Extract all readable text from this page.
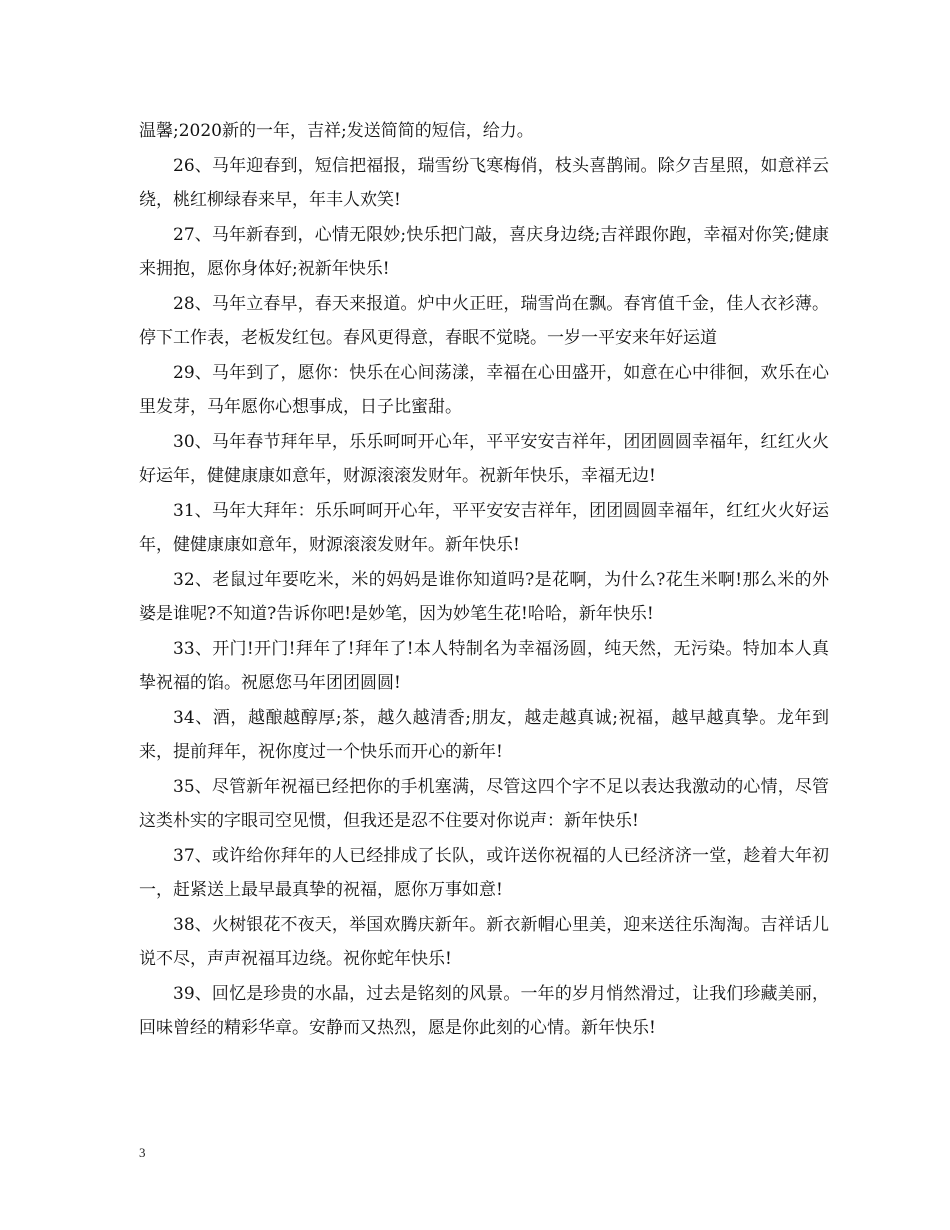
温馨;2020新的一年，吉祥;发送简简的短信，给力。

26、马年迎春到，短信把福报，瑞雪纷飞寒梅俏，枝头喜鹊闹。除夕吉星照，如意祥云绕，桃红柳绿春来早，年丰人欢笑!

27、马年新春到，心情无限妙;快乐把门敲，喜庆身边绕;吉祥跟你跑，幸福对你笑;健康来拥抱，愿你身体好;祝新年快乐!

28、马年立春早，春天来报道。炉中火正旺，瑞雪尚在飘。春宵值千金，佳人衣衫薄。停下工作表，老板发红包。春风更得意，春眠不觉晓。一岁一平安来年好运道

29、马年到了，愿你：快乐在心间荡漾，幸福在心田盛开，如意在心中徘徊，欢乐在心里发芽，马年愿你心想事成，日子比蜜甜。

30、马年春节拜年早，乐乐呵呵开心年，平平安安吉祥年，团团圆圆幸福年，红红火火好运年，健健康康如意年，财源滚滚发财年。祝新年快乐，幸福无边!

31、马年大拜年：乐乐呵呵开心年，平平安安吉祥年，团团圆圆幸福年，红红火火好运年，健健康康如意年，财源滚滚发财年。新年快乐!

32、老鼠过年要吃米，米的妈妈是谁你知道吗?是花啊，为什么?花生米啊!那么米的外婆是谁呢?不知道?告诉你吧!是妙笔，因为妙笔生花!哈哈，新年快乐!

33、开门!开门!拜年了!拜年了!本人特制名为幸福汤圆，纯天然，无污染。特加本人真挚祝福的馅。祝愿您马年团团圆圆!

34、酒，越酿越醇厚;茶，越久越清香;朋友，越走越真诚;祝福，越早越真挚。龙年到来，提前拜年，祝你度过一个快乐而开心的新年!

35、尽管新年祝福已经把你的手机塞满，尽管这四个字不足以表达我激动的心情，尽管这类朴实的字眼司空见惯，但我还是忍不住要对你说声：新年快乐!

37、或许给你拜年的人已经排成了长队，或许送你祝福的人已经济济一堂，趁着大年初一，赶紧送上最早最真挚的祝福，愿你万事如意!

38、火树银花不夜天，举国欢腾庆新年。新衣新帽心里美，迎来送往乐淘淘。吉祥话儿说不尽，声声祝福耳边绕。祝你蛇年快乐!

39、回忆是珍贵的水晶，过去是铭刻的风景。一年的岁月悄然滑过，让我们珍藏美丽，回味曾经的精彩华章。安静而又热烈，愿是你此刻的心情。新年快乐!

3
